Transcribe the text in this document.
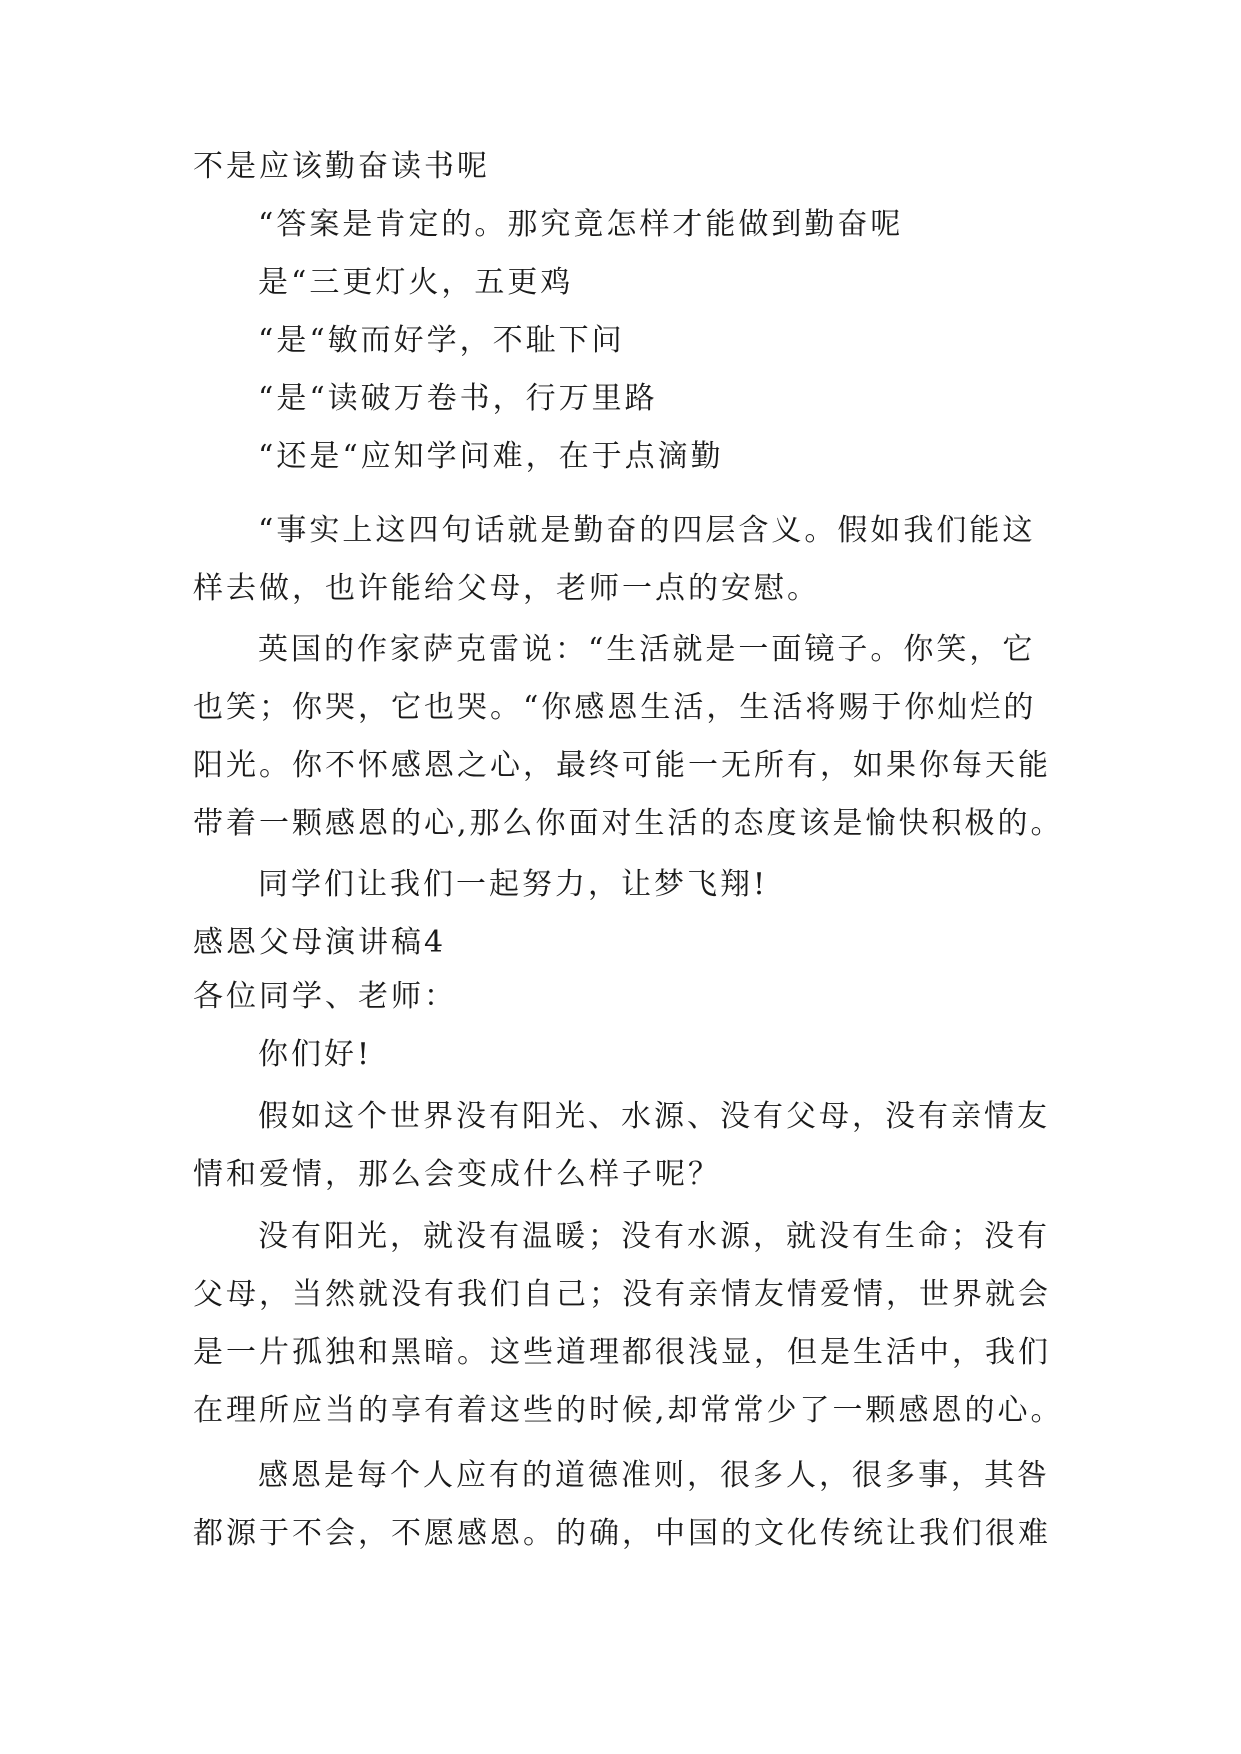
不是应该勤奋读书呢
“答案是肯定的。那究竟怎样才能做到勤奋呢
是“三更灯火，五更鸡
“是“敏而好学，不耻下问
“是“读破万卷书，行万里路
“还是“应知学问难，在于点滴勤
“事实上这四句话就是勤奋的四层含义。假如我们能这
样去做，也许能给父母，老师一点的安慰。
英国的作家萨克雷说：“生活就是一面镜子。你笑，它
也笑；你哭，它也哭。“你感恩生活，生活将赐于你灿烂的
阳光。你不怀感恩之心，最终可能一无所有，如果你每天能
带着一颗感恩的心,那么你面对生活的态度该是愉快积极的。
同学们让我们一起努力，让梦飞翔!
感恩父母演讲稿4
各位同学、老师：
你们好!
假如这个世界没有阳光、水源、没有父母，没有亲情友
情和爱情，那么会变成什么样子呢？
没有阳光，就没有温暖；没有水源，就没有生命；没有
父母，当然就没有我们自己；没有亲情友情爱情，世界就会
是一片孤独和黑暗。这些道理都很浅显，但是生活中，我们
在理所应当的享有着这些的时候,却常常少了一颗感恩的心。
感恩是每个人应有的道德准则，很多人，很多事，其咎
都源于不会，不愿感恩。的确，中国的文化传统让我们很难
